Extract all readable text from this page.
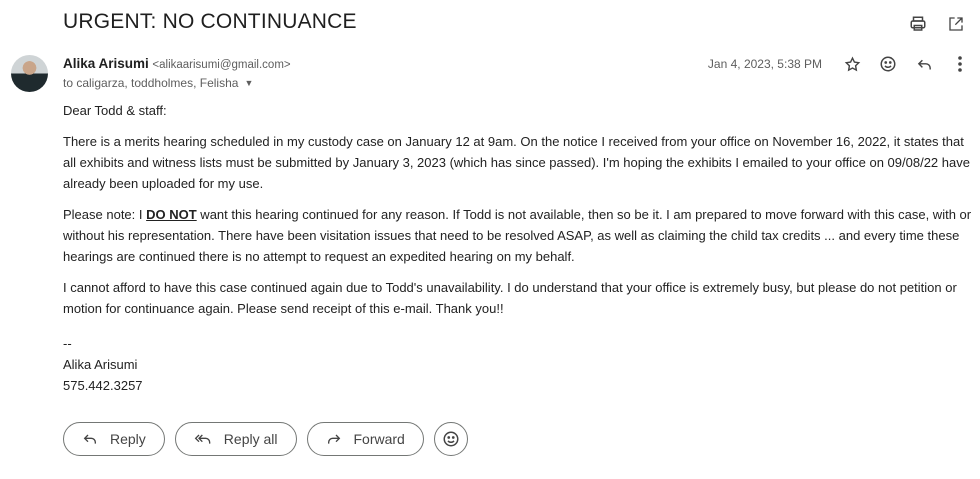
URGENT: NO CONTINUANCE
Alika Arisumi <alikaarisumi@gmail.com>
to caligarza, toddholmes, Felisha ▼
Jan 4, 2023, 5:38 PM

Dear Todd & staff:

There is a merits hearing scheduled in my custody case on January 12 at 9am. On the notice I received from your office on November 16, 2022, it states that all exhibits and witness lists must be submitted by January 3, 2023 (which has since passed). I'm hoping the exhibits I emailed to your office on 09/08/22 have already been uploaded for my use.

Please note: I DO NOT want this hearing continued for any reason. If Todd is not available, then so be it. I am prepared to move forward with this case, with or without his representation. There have been visitation issues that need to be resolved ASAP, as well as claiming the child tax credits ... and every time these hearings are continued there is no attempt to request an expedited hearing on my behalf.

I cannot afford to have this case continued again due to Todd's unavailability. I do understand that your office is extremely busy, but please do not petition or motion for continuance again. Please send receipt of this e-mail. Thank you!!

--
Alika Arisumi
575.442.3257
Reply	Reply all	Forward
